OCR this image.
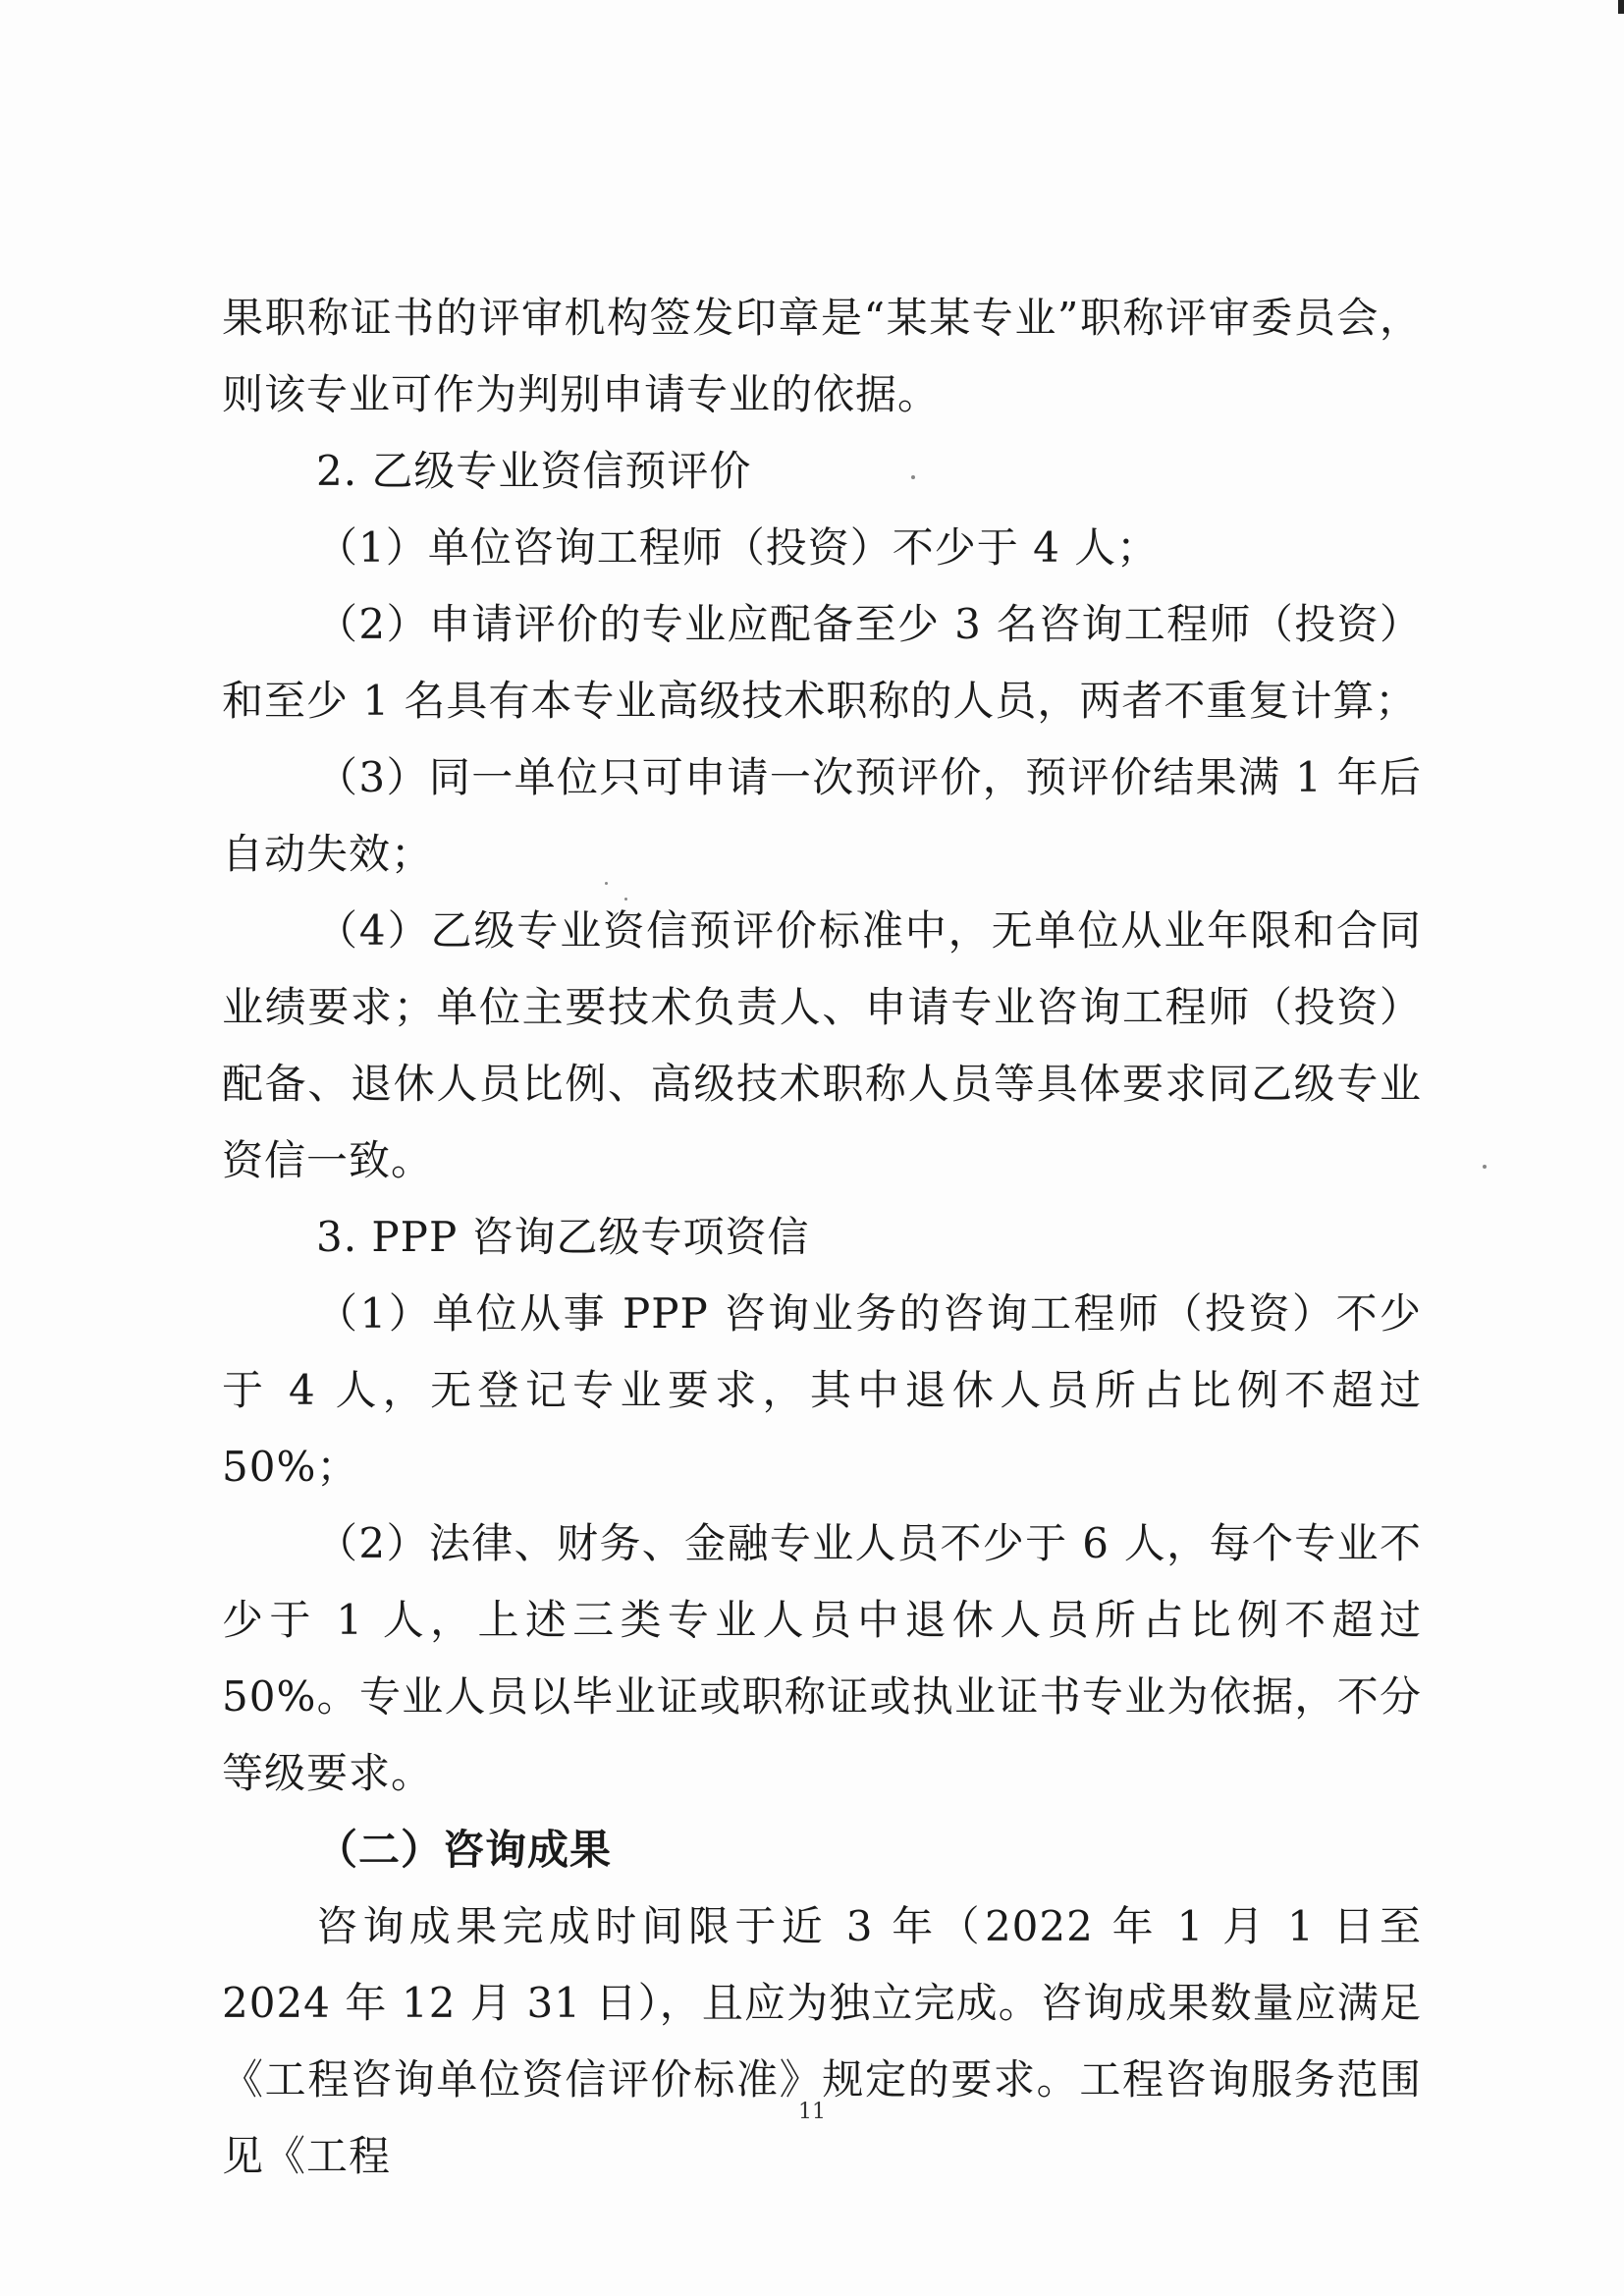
果职称证书的评审机构签发印章是“某某专业”职称评审委员会，则该专业可作为判别申请专业的依据。

2. 乙级专业资信预评价

（1）单位咨询工程师（投资）不少于 4 人；

（2）申请评价的专业应配备至少 3 名咨询工程师（投资）和至少 1 名具有本专业高级技术职称的人员，两者不重复计算；

（3）同一单位只可申请一次预评价，预评价结果满 1 年后自动失效；

（4）乙级专业资信预评价标准中，无单位从业年限和合同业绩要求；单位主要技术负责人、申请专业咨询工程师（投资）配备、退休人员比例、高级技术职称人员等具体要求同乙级专业资信一致。

3. PPP 咨询乙级专项资信

（1）单位从事 PPP 咨询业务的咨询工程师（投资）不少于 4 人，无登记专业要求，其中退休人员所占比例不超过 50%；

（2）法律、财务、金融专业人员不少于 6 人，每个专业不少于 1 人，上述三类专业人员中退休人员所占比例不超过 50%。专业人员以毕业证或职称证或执业证书专业为依据，不分等级要求。

（二）咨询成果

咨询成果完成时间限于近 3 年（2022 年 1 月 1 日至 2024 年 12 月 31 日），且应为独立完成。咨询成果数量应满足《工程咨询单位资信评价标准》规定的要求。工程咨询服务范围见《工程

11
